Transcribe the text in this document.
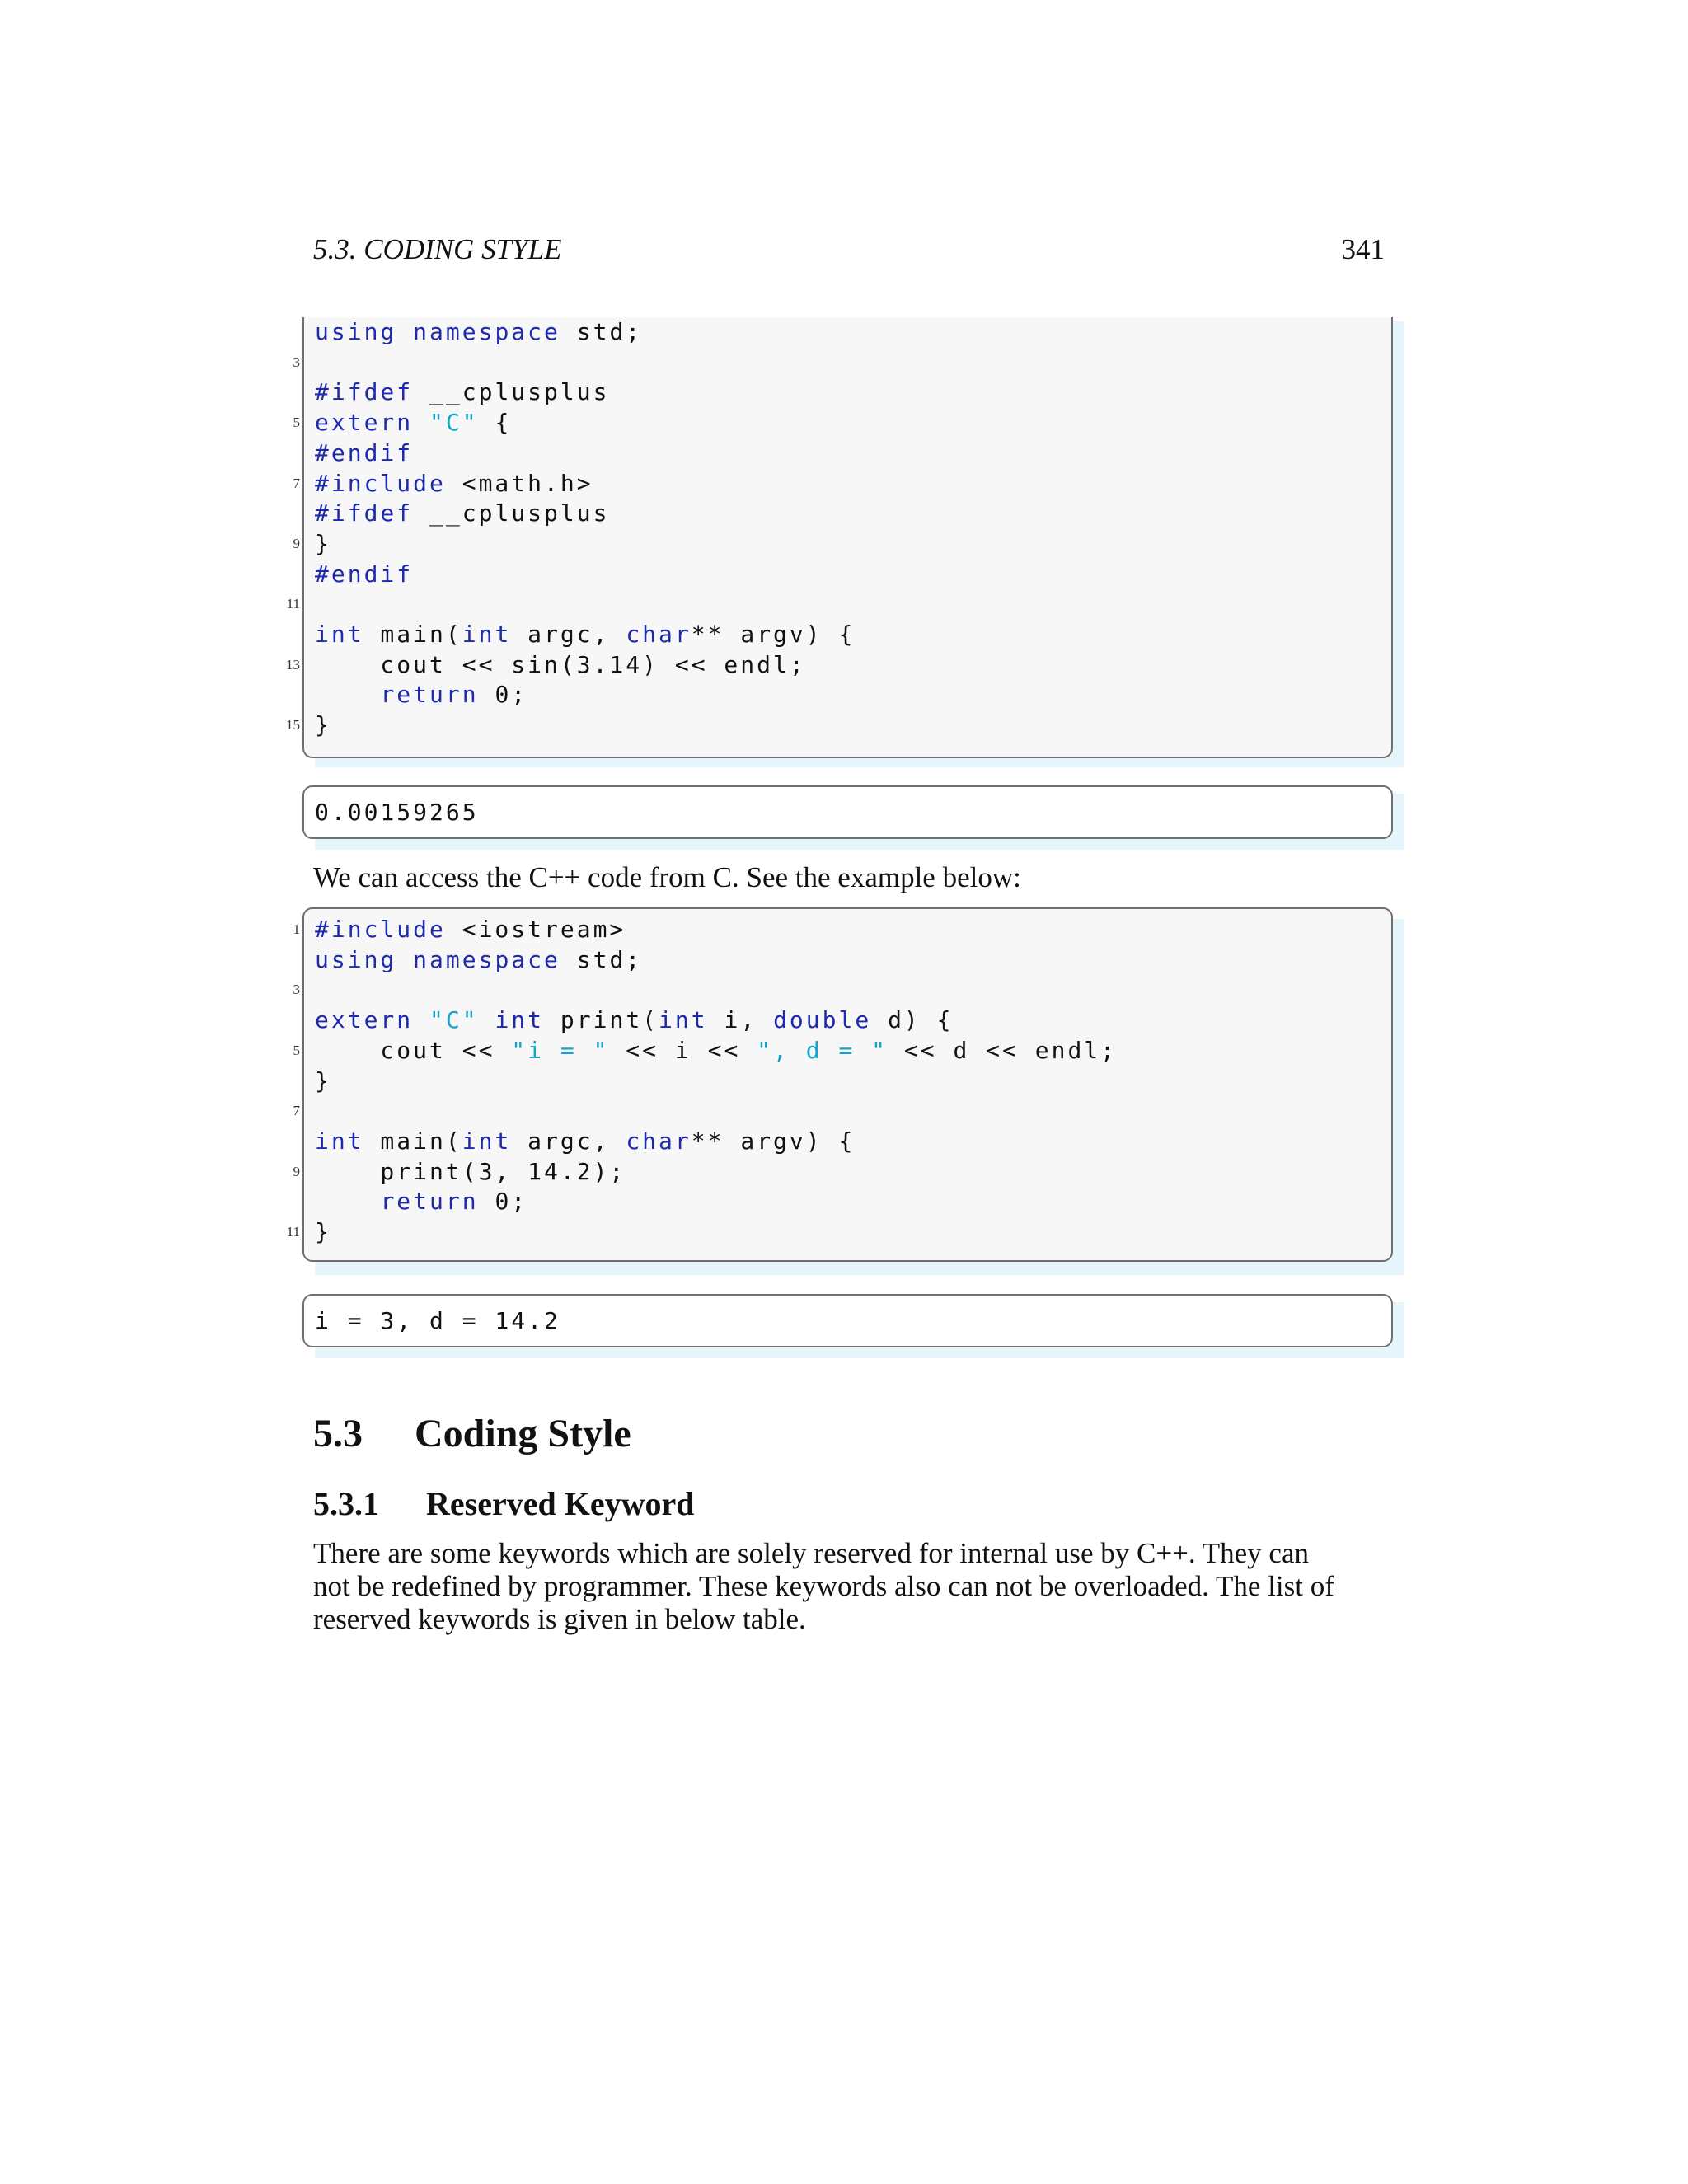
5.3. CODING STYLE	341
using namespace std;
#ifdef __cplusplus
extern "C" {
#endif
#include <math.h>
#ifdef __cplusplus
}
#endif
int main(int argc, char** argv) {
cout << sin(3.14) << endl;
return 0;
}
3
5
7
9
11
13
15
0.00159265
We can access the C++ code from C. See the example below:
#include <iostream>
using namespace std;
extern "C" int print(int i, double d) {
cout << "i = " << i << ", d = " << d << endl;
}
int main(int argc, char** argv) {
print(3, 14.2);
return 0;
}
1
3
5
7
9
11
i = 3, d = 14.2
5.3 Coding Style
5.3.1 Reserved Keyword
There are some keywords which are solely reserved for internal use by C++. They can
not be redefined by programmer. These keywords also can not be overloaded. The list of
reserved keywords is given in below table.
